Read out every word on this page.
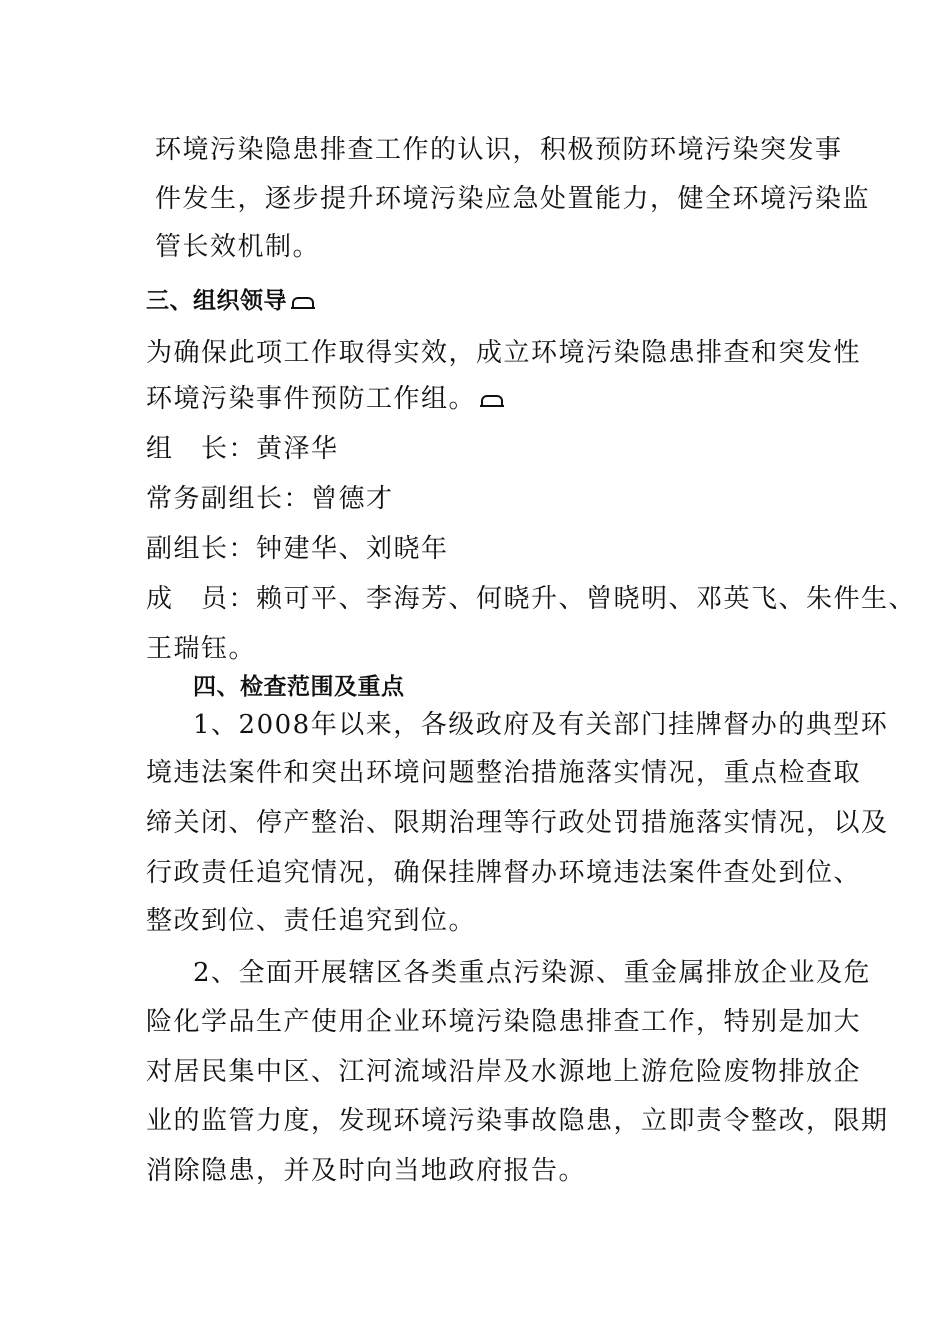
环境污染隐患排查工作的认识，积极预防环境污染突发事

件发生，逐步提升环境污染应急处置能力，健全环境污染监

管长效机制。

三、组织领导

为确保此项工作取得实效，成立环境污染隐患排查和突发性

环境污染事件预防工作组。

组　长：黄泽华

常务副组长：曾德才

副组长：钟建华、刘晓年

成　员：赖可平、李海芳、何晓升、曾晓明、邓英飞、朱件生、

王瑞钰。

四、检查范围及重点

1、2008年以来，各级政府及有关部门挂牌督办的典型环

境违法案件和突出环境问题整治措施落实情况，重点检查取

缔关闭、停产整治、限期治理等行政处罚措施落实情况，以及

行政责任追究情况，确保挂牌督办环境违法案件查处到位、

整改到位、责任追究到位。

2、全面开展辖区各类重点污染源、重金属排放企业及危

险化学品生产使用企业环境污染隐患排查工作，特别是加大

对居民集中区、江河流域沿岸及水源地上游危险废物排放企

业的监管力度，发现环境污染事故隐患，立即责令整改，限期

消除隐患，并及时向当地政府报告。
